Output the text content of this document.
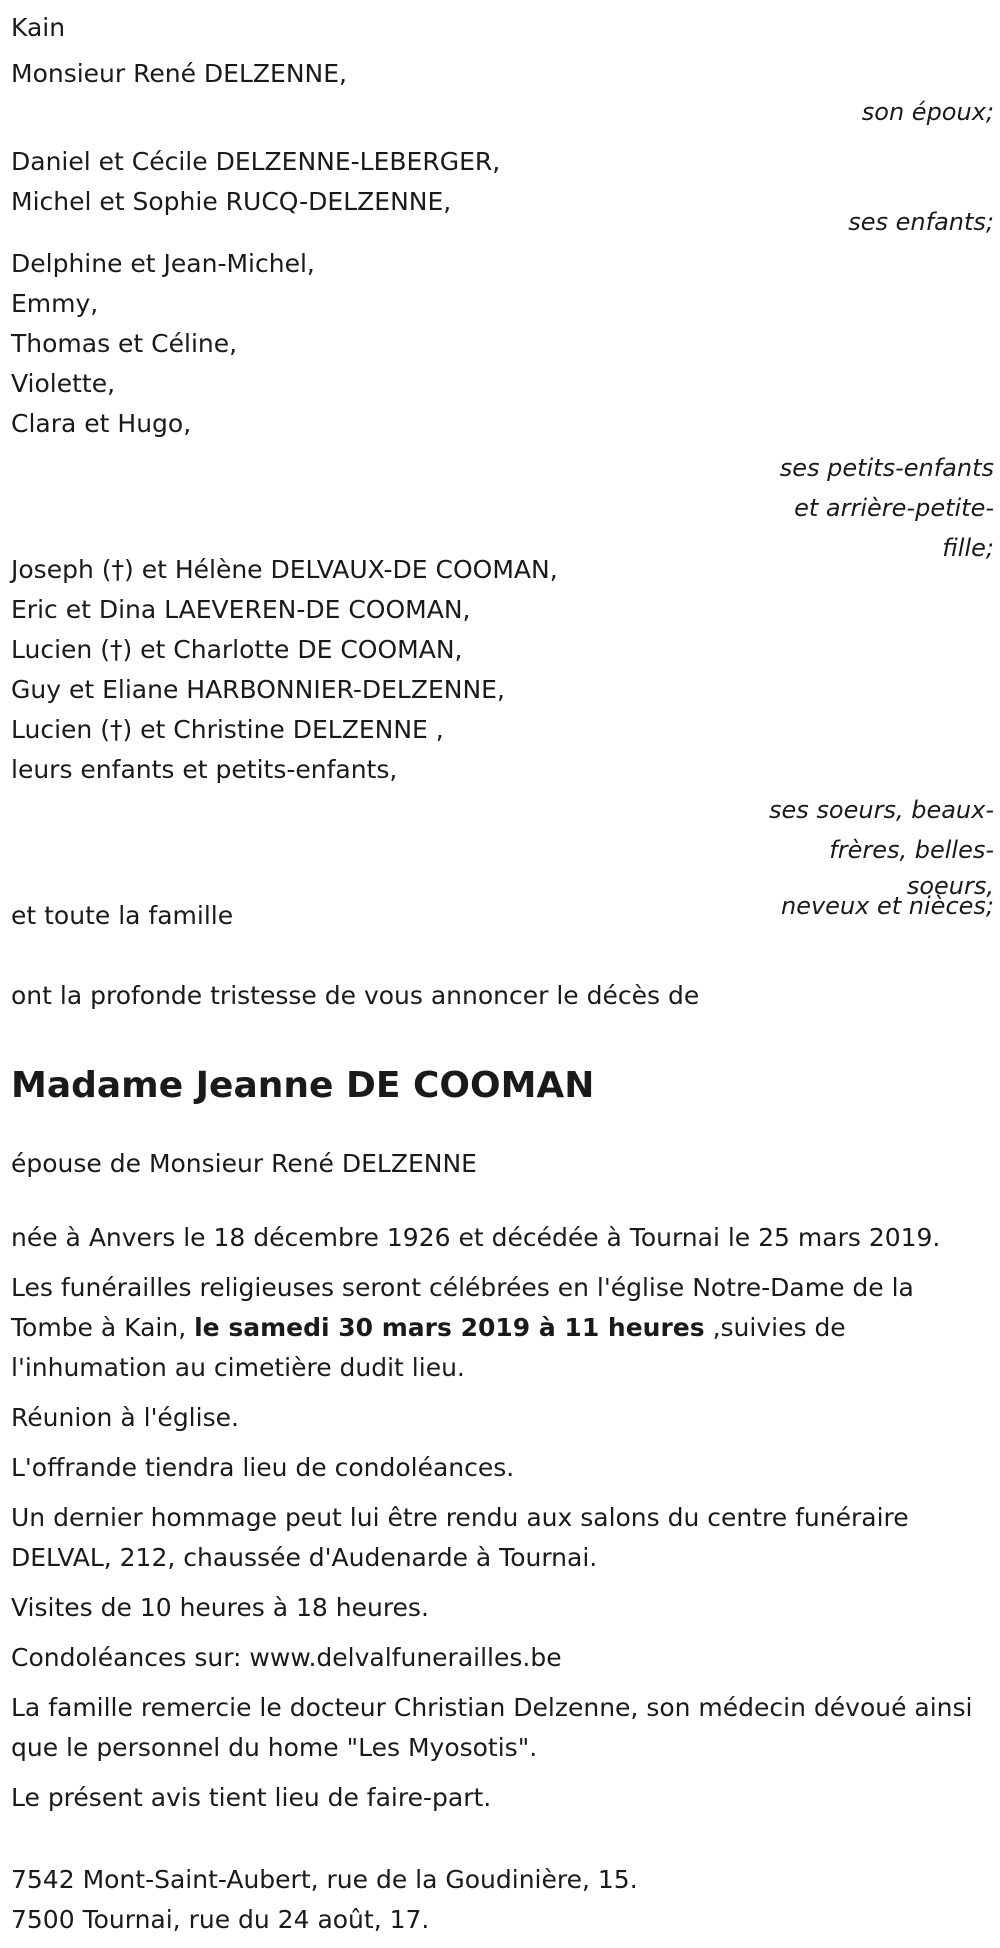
Kain
Monsieur René DELZENNE,
son époux;
Daniel et Cécile DELZENNE-LEBERGER,
Michel et Sophie RUCQ-DELZENNE,
ses enfants;
Delphine et Jean-Michel,
Emmy,
Thomas et Céline,
Violette,
Clara et Hugo,
ses petits-enfants
et arrière-petite-
fille;
Joseph (†) et Hélène DELVAUX-DE COOMAN,
Eric et Dina LAEVEREN-DE COOMAN,
Lucien (†) et Charlotte DE COOMAN,
Guy et Eliane HARBONNIER-DELZENNE,
Lucien (†) et Christine DELZENNE ,
leurs enfants et petits-enfants,
ses soeurs, beaux-
frères, belles-
soeurs,
neveux et nièces;
et toute la famille
ont la profonde tristesse de vous annoncer le décès de
Madame Jeanne DE COOMAN
épouse de Monsieur René DELZENNE
née à Anvers le 18 décembre 1926 et décédée à Tournai le 25 mars 2019.
Les funérailles religieuses seront célébrées en l'église Notre-Dame de la Tombe à Kain, le samedi 30 mars 2019 à 11 heures ,suivies de l'inhumation au cimetière dudit lieu.
Réunion à l'église.
L'offrande tiendra lieu de condoléances.
Un dernier hommage peut lui être rendu aux salons du centre funéraire DELVAL, 212, chaussée d'Audenarde à Tournai.
Visites de 10 heures à 18 heures.
Condoléances sur: www.delvalfunerailles.be
La famille remercie le docteur Christian Delzenne, son médecin dévoué ainsi que le personnel du home "Les Myosotis".
Le présent avis tient lieu de faire-part.
7542 Mont-Saint-Aubert, rue de la Goudinière, 15.
7500 Tournai, rue du 24 août, 17.
